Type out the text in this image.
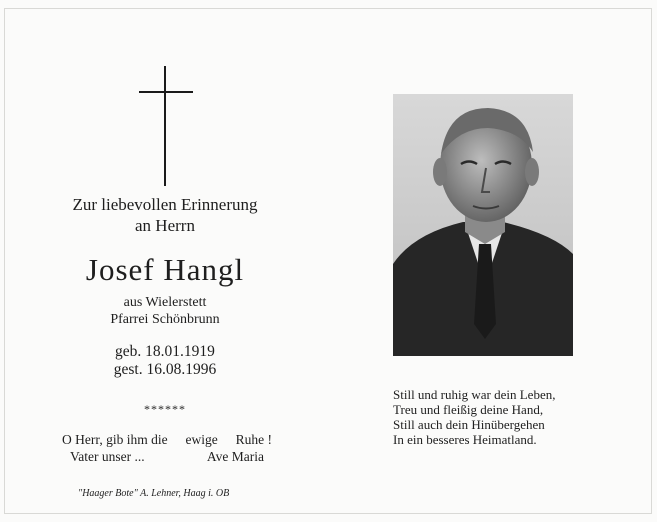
Zur liebevollen Erinnerung
an Herrn
Josef Hangl
aus Wielerstett
Pfarrei Schönbrunn
geb. 18.01.1919
gest. 16.08.1996
******
O Herr, gib ihm die ewige Ruhe !
Vater unser ...	Ave Maria
"Haager Bote" A. Lehner, Haag i. OB
Still und ruhig war dein Leben,
Treu und fleißig deine Hand,
Still auch dein Hinübergehen
In ein besseres Heimatland.
